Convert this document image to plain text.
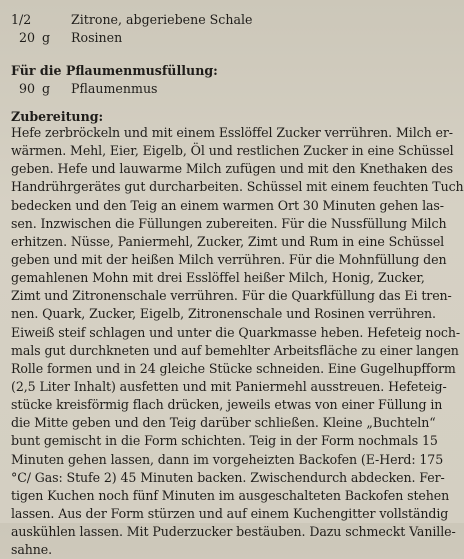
1/2	Zitrone, abgeriebene Schale
20 g Rosinen
Für die Pflaumenmusfüllung:
90 g Pflaumenmus
Zubereitung:
Hefe zerbröckeln und mit einem Esslöffel Zucker verrühren. Milch er-
wärmen. Mehl, Eier, Eigelb, Öl und restlichen Zucker in eine Schüssel
geben. Hefe und lauwarme Milch zufügen und mit den Knethaken des
Handrührgerätes gut durcharbeiten. Schüssel mit einem feuchten Tuch
bedecken und den Teig an einem warmen Ort 30 Minuten gehen las-
sen. Inzwischen die Füllungen zubereiten. Für die Nussfüllung Milch
erhitzen. Nüsse, Paniermehl, Zucker, Zimt und Rum in eine Schüssel
geben und mit der heißen Milch verrühren. Für die Mohnfüllung den
gemahlenen Mohn mit drei Esslöffel heißer Milch, Honig, Zucker,
Zimt und Zitronenschale verrühren. Für die Quarkfüllung das Ei tren-
nen. Quark, Zucker, Eigelb, Zitronenschale und Rosinen verrühren.
Eiweiß steif schlagen und unter die Quarkmasse heben. Hefeteig noch-
mals gut durchkneten und auf bemehlter Arbeitsfläche zu einer langen
Rolle formen und in 24 gleiche Stücke schneiden. Eine Gugelhupfform
(2,5 Liter Inhalt) ausfetten und mit Paniermehl ausstreuen. Hefeteig-
stücke kreisförmig flach drücken, jeweils etwas von einer Füllung in
die Mitte geben und den Teig darüber schließen. Kleine „Buchteln“
bunt gemischt in die Form schichten. Teig in der Form nochmals 15
Minuten gehen lassen, dann im vorgeheizten Backofen (E-Herd: 175
°C/ Gas: Stufe 2) 45 Minuten backen. Zwischendurch abdecken. Fer-
tigen Kuchen noch fünf Minuten im ausgeschalteten Backofen stehen
lassen. Aus der Form stürzen und auf einem Kuchengitter vollständig
auskühlen lassen. Mit Puderzucker bestäuben. Dazu schmeckt Vanille-
sahne.
